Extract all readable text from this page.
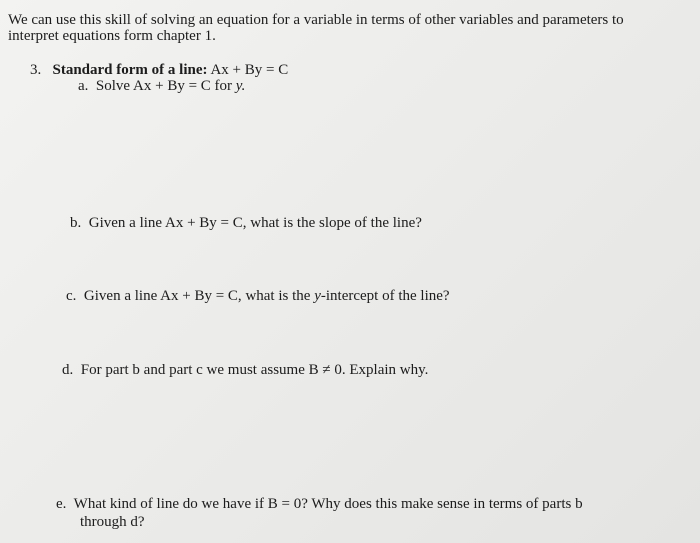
We can use this skill of solving an equation for a variable in terms of other variables and parameters to
interpret equations form chapter 1.
3. Standard form of a line: Ax + By = C
a. Solve Ax + By = C for y.
b. Given a line Ax + By = C, what is the slope of the line?
c. Given a line Ax + By = C, what is the y-intercept of the line?
d. For part b and part c we must assume B ≠ 0. Explain why.
e. What kind of line do we have if B = 0? Why does this make sense in terms of parts b
through d?
